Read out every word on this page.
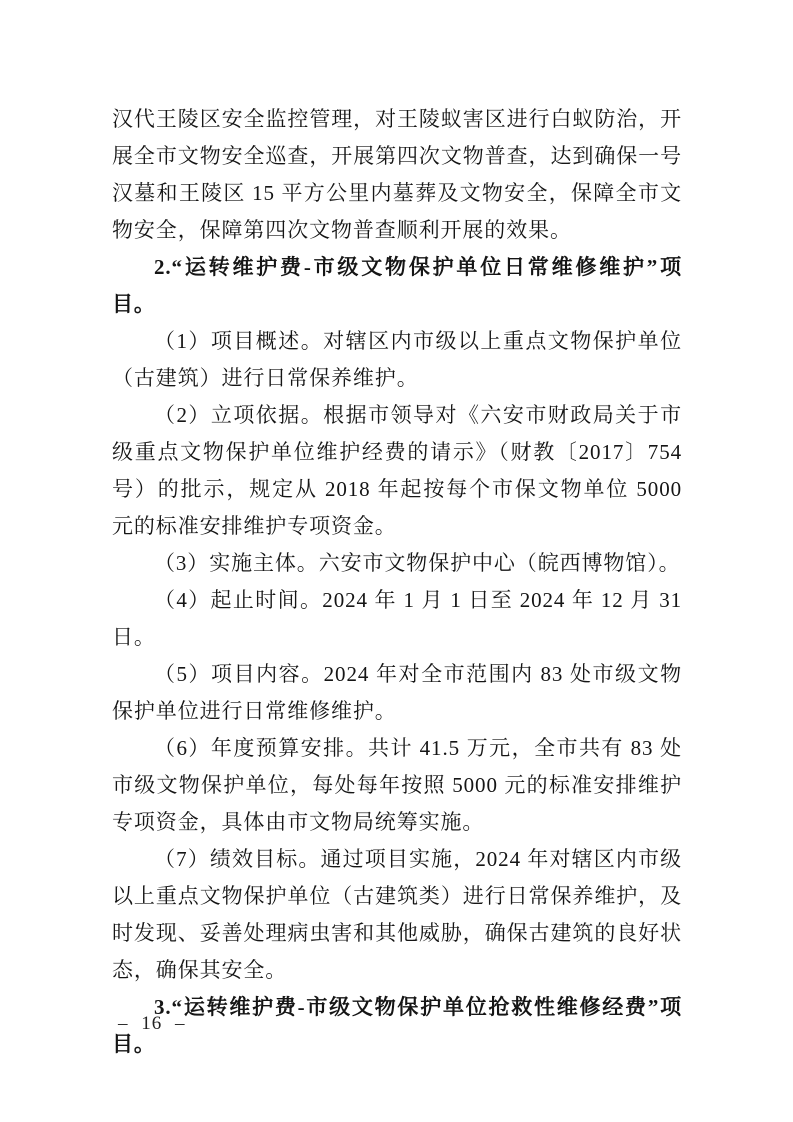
汉代王陵区安全监控管理，对王陵蚁害区进行白蚁防治，开展全市文物安全巡查，开展第四次文物普查，达到确保一号汉墓和王陵区 15 平方公里内墓葬及文物安全，保障全市文物安全，保障第四次文物普查顺利开展的效果。

2.“运转维护费-市级文物保护单位日常维修维护”项目。

（1）项目概述。对辖区内市级以上重点文物保护单位（古建筑）进行日常保养维护。

（2）立项依据。根据市领导对《六安市财政局关于市级重点文物保护单位维护经费的请示》（财教〔2017〕754 号）的批示，规定从 2018 年起按每个市保文物单位 5000 元的标准安排维护专项资金。

（3）实施主体。六安市文物保护中心（皖西博物馆）。

（4）起止时间。2024 年 1 月 1 日至 2024 年 12 月 31 日。

（5）项目内容。2024 年对全市范围内 83 处市级文物保护单位进行日常维修维护。

（6）年度预算安排。共计 41.5 万元，全市共有 83 处市级文物保护单位，每处每年按照 5000 元的标准安排维护专项资金，具体由市文物局统筹实施。

（7）绩效目标。通过项目实施，2024 年对辖区内市级以上重点文物保护单位（古建筑类）进行日常保养维护，及时发现、妥善处理病虫害和其他威胁，确保古建筑的良好状态，确保其安全。

3.“运转维护费-市级文物保护单位抢救性维修经费”项目。

– 16 –
